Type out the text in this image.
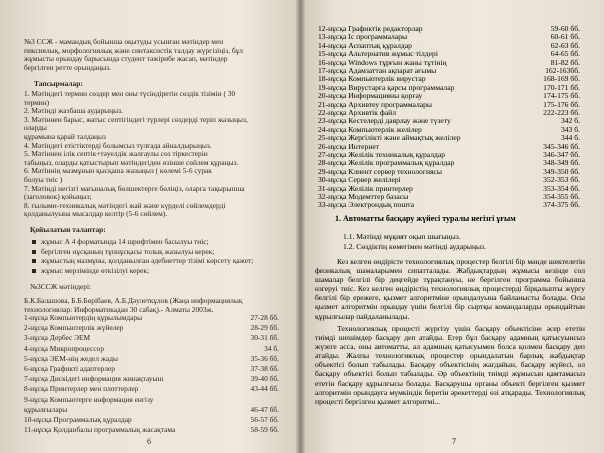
№3 ССЖ - мамандық бойынша оқытуды усынған мәтіндер мен
пиксиялық, морфологиялық және синтаксистік талдау жүргізіңіз, бұл
жұмысты орындау барысында студент тәжірибе жасап, мәтіндер
бергілген ретте орындаңыз.
Тапсырмалар:
1. Мәтіндегі термин сөздер мен оны түсіндіретін сөздік тізімін ( 30
термин)
2. Мәтінді жазбаша аударыңыз.
3. Мәтіннен барыс, жатыс септігіндегі түрлері сөздерді теріп жазыңыз,
оларды
құрамына қарай талдаңыз
4. Мәтіндегі етістіктерді болымсыз түлғада айналдырыңыз.
5. Мәтіннен ілік септік+тәуелдік жалғаулы сөз тіркестерін
табыңыз, оларды қатыстырып мәтіндегіден өзінше сөйлем құраңыз.
6. Мәтіннің мазмұнын қысқаша жазыңыз ( көлемі 5-6 сурак
болуы тиіс )
7. Мәтінді негізгі мағыналық бөлшектерге бөліңіз, оларға тақырыпша
(заголовок) қойыңыз;
8. гылыми-техникалық мәтіндегі жай және күрделі сөйлемдерді
қолданылуына мысалдар келтір (5-6 сөйлем).
Қойылатын талаптар:
жұмыс А 4 форматында 14 шрифтімен басылуы тиіс;
бергілген нұсқаның тұпнұсқасы толық жазылуы керек;
жұмыстың мазмұны, қолданылған әдебиеттер тізімі көрсету қажет;
жұмыс мерзімінде өткізілуі керек;
№3ССЖ мәтіндері:
Б.К.Балашова, Б.Б.Бөрібаев, А.Б.Дәулеткұлов (Жаңа информациялық
технологиялар: Информатикадан 30 сабақ).- Алматы 2003ж.
1-нұсқа Компьютердің құрылымдары	27-28 бб.
2-нұсқа Компьютерлік жүйелер	28-29 бб.
3-нұсқа Дербес ЭЕМ	30-31 бб.
4-нұсқа Микропроцессор	34 б.
5-нұсқа ЭЕМ-нің жедел жады	35-36 бб.
6-нұсқа Графикті адаптерлер	37-38 бб.
7-нұсқа Дискідегі информация жинақтауыш	39-40 бб.
8-нұсқа Принтерлер мен плоттерлер	43-44 бб.
9-нұсқа Компьютерге информация енгізу
құрылғылары	46-47 бб.
10-нұсқа Программалық құралдар	56-57 бб.
11-нұсқа Қолданбалы программалық жасақтама	58-59 бб.
6
12-нұсқа Графиктік редакторлар	59-60 бб.
13-нұсқа Іс программалары	60-61 бб.
14-нұсқа Аспаптық құралдар	62-63 бб.
15-нұсқа Альтернатив жұмыс тілдері	64-65 бб.
16-нұсқа Windows тұрғын жаны тұтінің	81-82 бб.
17-нұсқа Адамзаттан ақпарат ағымы	162-163бб.
18-нұсқа Компьютерлік вирустар	168-169 бб.
19-нұсқа Вирустарға қарсы программалар	170-171 бб.
20-нұсқа Информацияны қорғау	174-175 бб.
21-нұсқа Архивтеу программалары	175-176 бб.
22-нұсқа Архивтік файл	222-223 бб.
23-нұсқа Кестелерді даярлау және түзету	342 б.
24-нұсқа Компьютерлік желілер	343 б.
25-нұсқа Жергілікті және аймақтық желілер	344 б.
26-нұсқа Интернет	345-346 бб.
27-нұсқа Желілік техникалық құралдар	346-347 бб.
28-нұсқа Желілік программалық құралдар	348-349 бб.
29-нұсқа Клиент сервер технологиясы	349-350 бб.
30-нұсқа Сервер желілері	352-353 бб.
31-нұсқа Желілік принтерлер	353-354 бб.
32-нұсқа Модемттер базасы	354-355 бб.
33-нұсқа Электрондық пошта	374-375 бб.
1. Автоматты басқару жүйесі туралы негізгі ұғым
1.1. Мәтінді мұқият оқып шығыңыз.
1.2. Сөздіктің көмегімен мәтінді аударыңыз.
Кез келген өндірісте технологиялық процестер белгілі бір мәнде шектелетін физикалық шамаларымен сипатталады. Жабдықтардың жұмысы кезінде сол шамалар белгілі бір деңгейде тұрақтануы, не бергілген программа бойынша өзгеруі тиіс. Кез келген өндірістің технологиялық процестерді бірқалыпты жүргу белгілі бір ережеге, қызмет алгоритміне орындалуына байланысты болады. Осы қызмет алгоритмін орындау үшін белгілі бір сыртқы командаларды орындайтын құрылғылар пайдаланылады.
Технологиялық процесті жүргізу үшін басқару объектісіне әсер ететін тиімді шешімдер басқару деп атайды. Егер бұл басқару адамның қатысуынсыз жүзеге асса, оны автоматты, ал адамның қатысуымен болса қолмен басқару деп атайды. Жалпы технологиялық процестер орындалатын барлық жабдықтар объектісі болып табылады. Басқару объектісінің жағдайын, басқару жүйесі, ол басқару объектісі болып табылады. Әр объектінің тиімді жұмысын қамтамасыз ететін басқару құрылғысы болады. Басқарушы органы объекті бергілген қызмет алгоритмін орындауға мүмкіндік беретін әрекеттерді өзі атқарады. Технологиялық процесті бергілген қызмет алгоритмі...
7
